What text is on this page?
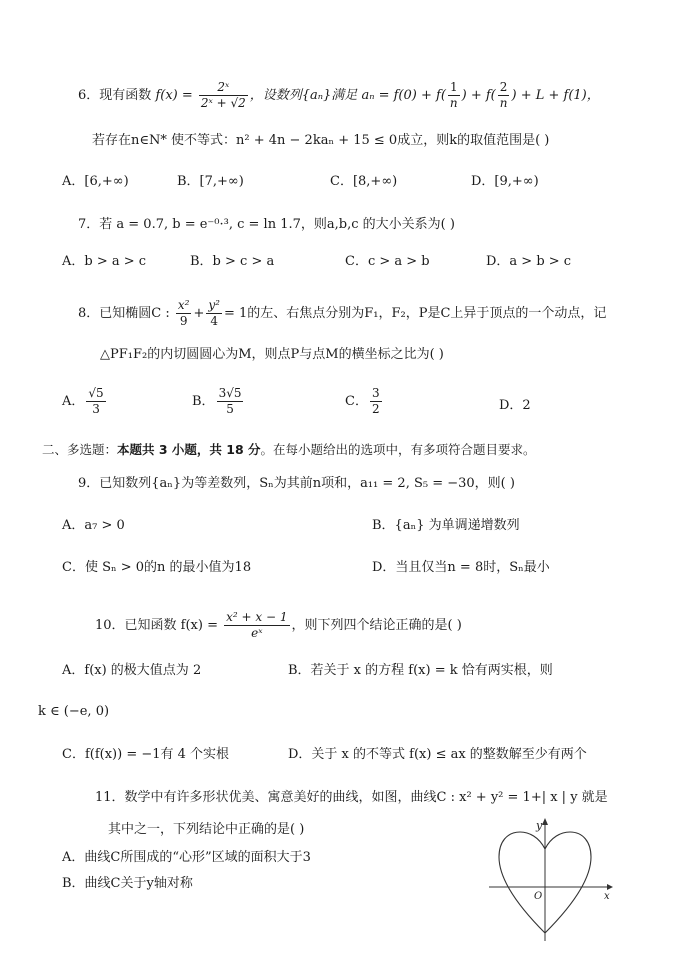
6．现有函数 $f(x) = \frac{\text{2ˣ}}{\text{2ˣ + √2}}$ ，设数列{aₙ}满足 $a_n = f(0) + f( \frac{1}{n}$ ) + $f( \frac{2}{n}$ ) + L + f(1)，
若存在n∈N* 使不等式：n² + 4n − 2kaₙ + 15 ≤ 0成立，则k的取值范围是( )
A．[6,+∞)	B．[7,+∞)	C．[8,+∞)	D．[9,+∞)
7．若 a = 0.7, b = e⁻⁰·³, c = ln 1.7，则a,b,c 的大小关系为( )
A．b > a > c	B．b > c > a	C．c > a > b	D．a > b > c
8．已知椭圆C : $\frac{\text{x²}}{9} + \frac{\text{y²}}{4} = 1$的左、右焦点分别为F₁，F₂，P是C上异于顶点的一个动点，记
△PF₁F₂的内切圆圆心为M，则点P与点M的横坐标之比为( )
A． $\frac{√5}{3}$	B． $\frac{3√5}{5}$	C． $\frac{3}{2}$	D．2
二、多选题：本题共 3 小题，共 18 分。在每小题给出的选项中，有多项符合题目要求。
9．已知数列{aₙ}为等差数列，Sₙ为其前n项和，a₁₁ = 2, S₅ = −30，则( )
A．a₇ > 0	B．{aₙ} 为单调递增数列
C．使 Sₙ > 0的n 的最小值为18	D．当且仅当n = 8时，Sₙ最小
10．已知函数 $f(x) = \frac{\text{x² + x − 1}}{\text{eˣ}}$ ，则下列四个结论正确的是( )
A．f(x) 的极大值点为 2	B．若关于 x 的方程 f(x) = k 恰有两实根，则
k ∈ (−e, 0)
C．f(f(x)) = −1有 4 个实根	D．关于 x 的不等式 f(x) ≤ ax 的整数解至少有两个
11．数学中有许多形状优美、寓意美好的曲线，如图，曲线C : x² + y² = 1+| x | y 就是
其中之一，下列结论中正确的是( )
A．曲线C所围成的“心形”区域的面积大于3
B．曲线C关于y轴对称
y
O	x
